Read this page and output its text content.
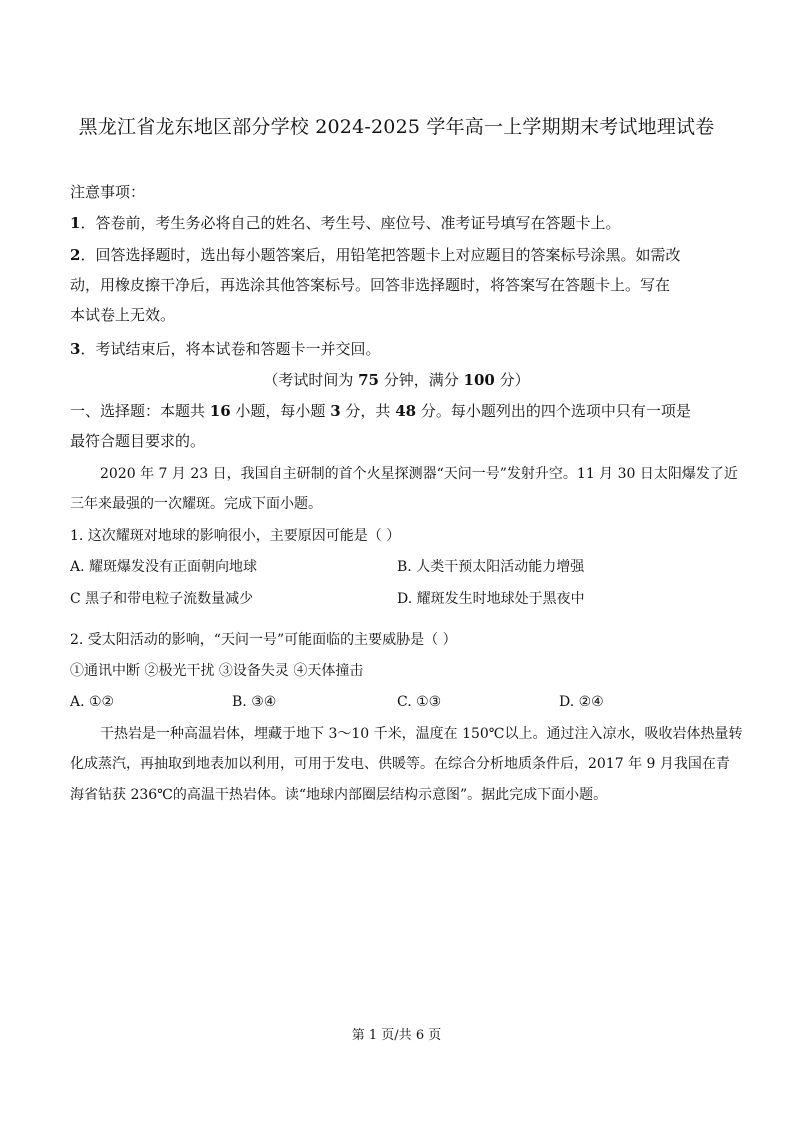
黑龙江省龙东地区部分学校 2024-2025 学年高一上学期期末考试地理试卷
注意事项：
1．答卷前，考生务必将自己的姓名、考生号、座位号、准考证号填写在答题卡上。
2．回答选择题时，选出每小题答案后，用铅笔把答题卡上对应题目的答案标号涂黑。如需改
动，用橡皮擦干净后，再选涂其他答案标号。回答非选择题时，将答案写在答题卡上。写在
本试卷上无效。
3．考试结束后，将本试卷和答题卡一并交回。
（考试时间为 75 分钟，满分 100 分）
一、选择题：本题共 16 小题，每小题 3 分，共 48 分。每小题列出的四个选项中只有一项是
最符合题目要求的。
2020 年 7 月 23 日，我国自主研制的首个火星探测器“天问一号”发射升空。11 月 30 日太阳爆发了近
三年来最强的一次耀斑。完成下面小题。
1. 这次耀斑对地球的影响很小，主要原因可能是（ ）
A. 耀斑爆发没有正面朝向地球	B. 人类干预太阳活动能力增强
C 黑子和带电粒子流数量减少	D. 耀斑发生时地球处于黑夜中
2. 受太阳活动的影响，“天问一号”可能面临的主要威胁是（ ）
①通讯中断 ②极光干扰 ③设备失灵 ④天体撞击
A. ①②	B. ③④	C. ①③	D. ②④
干热岩是一种高温岩体，埋藏于地下 3～10 千米，温度在 150℃以上。通过注入凉水，吸收岩体热量转
化成蒸汽，再抽取到地表加以利用，可用于发电、供暖等。在综合分析地质条件后，2017 年 9 月我国在青
海省钻获 236℃的高温干热岩体。读“地球内部圈层结构示意图”。据此完成下面小题。
第 1 页/共 6 页
